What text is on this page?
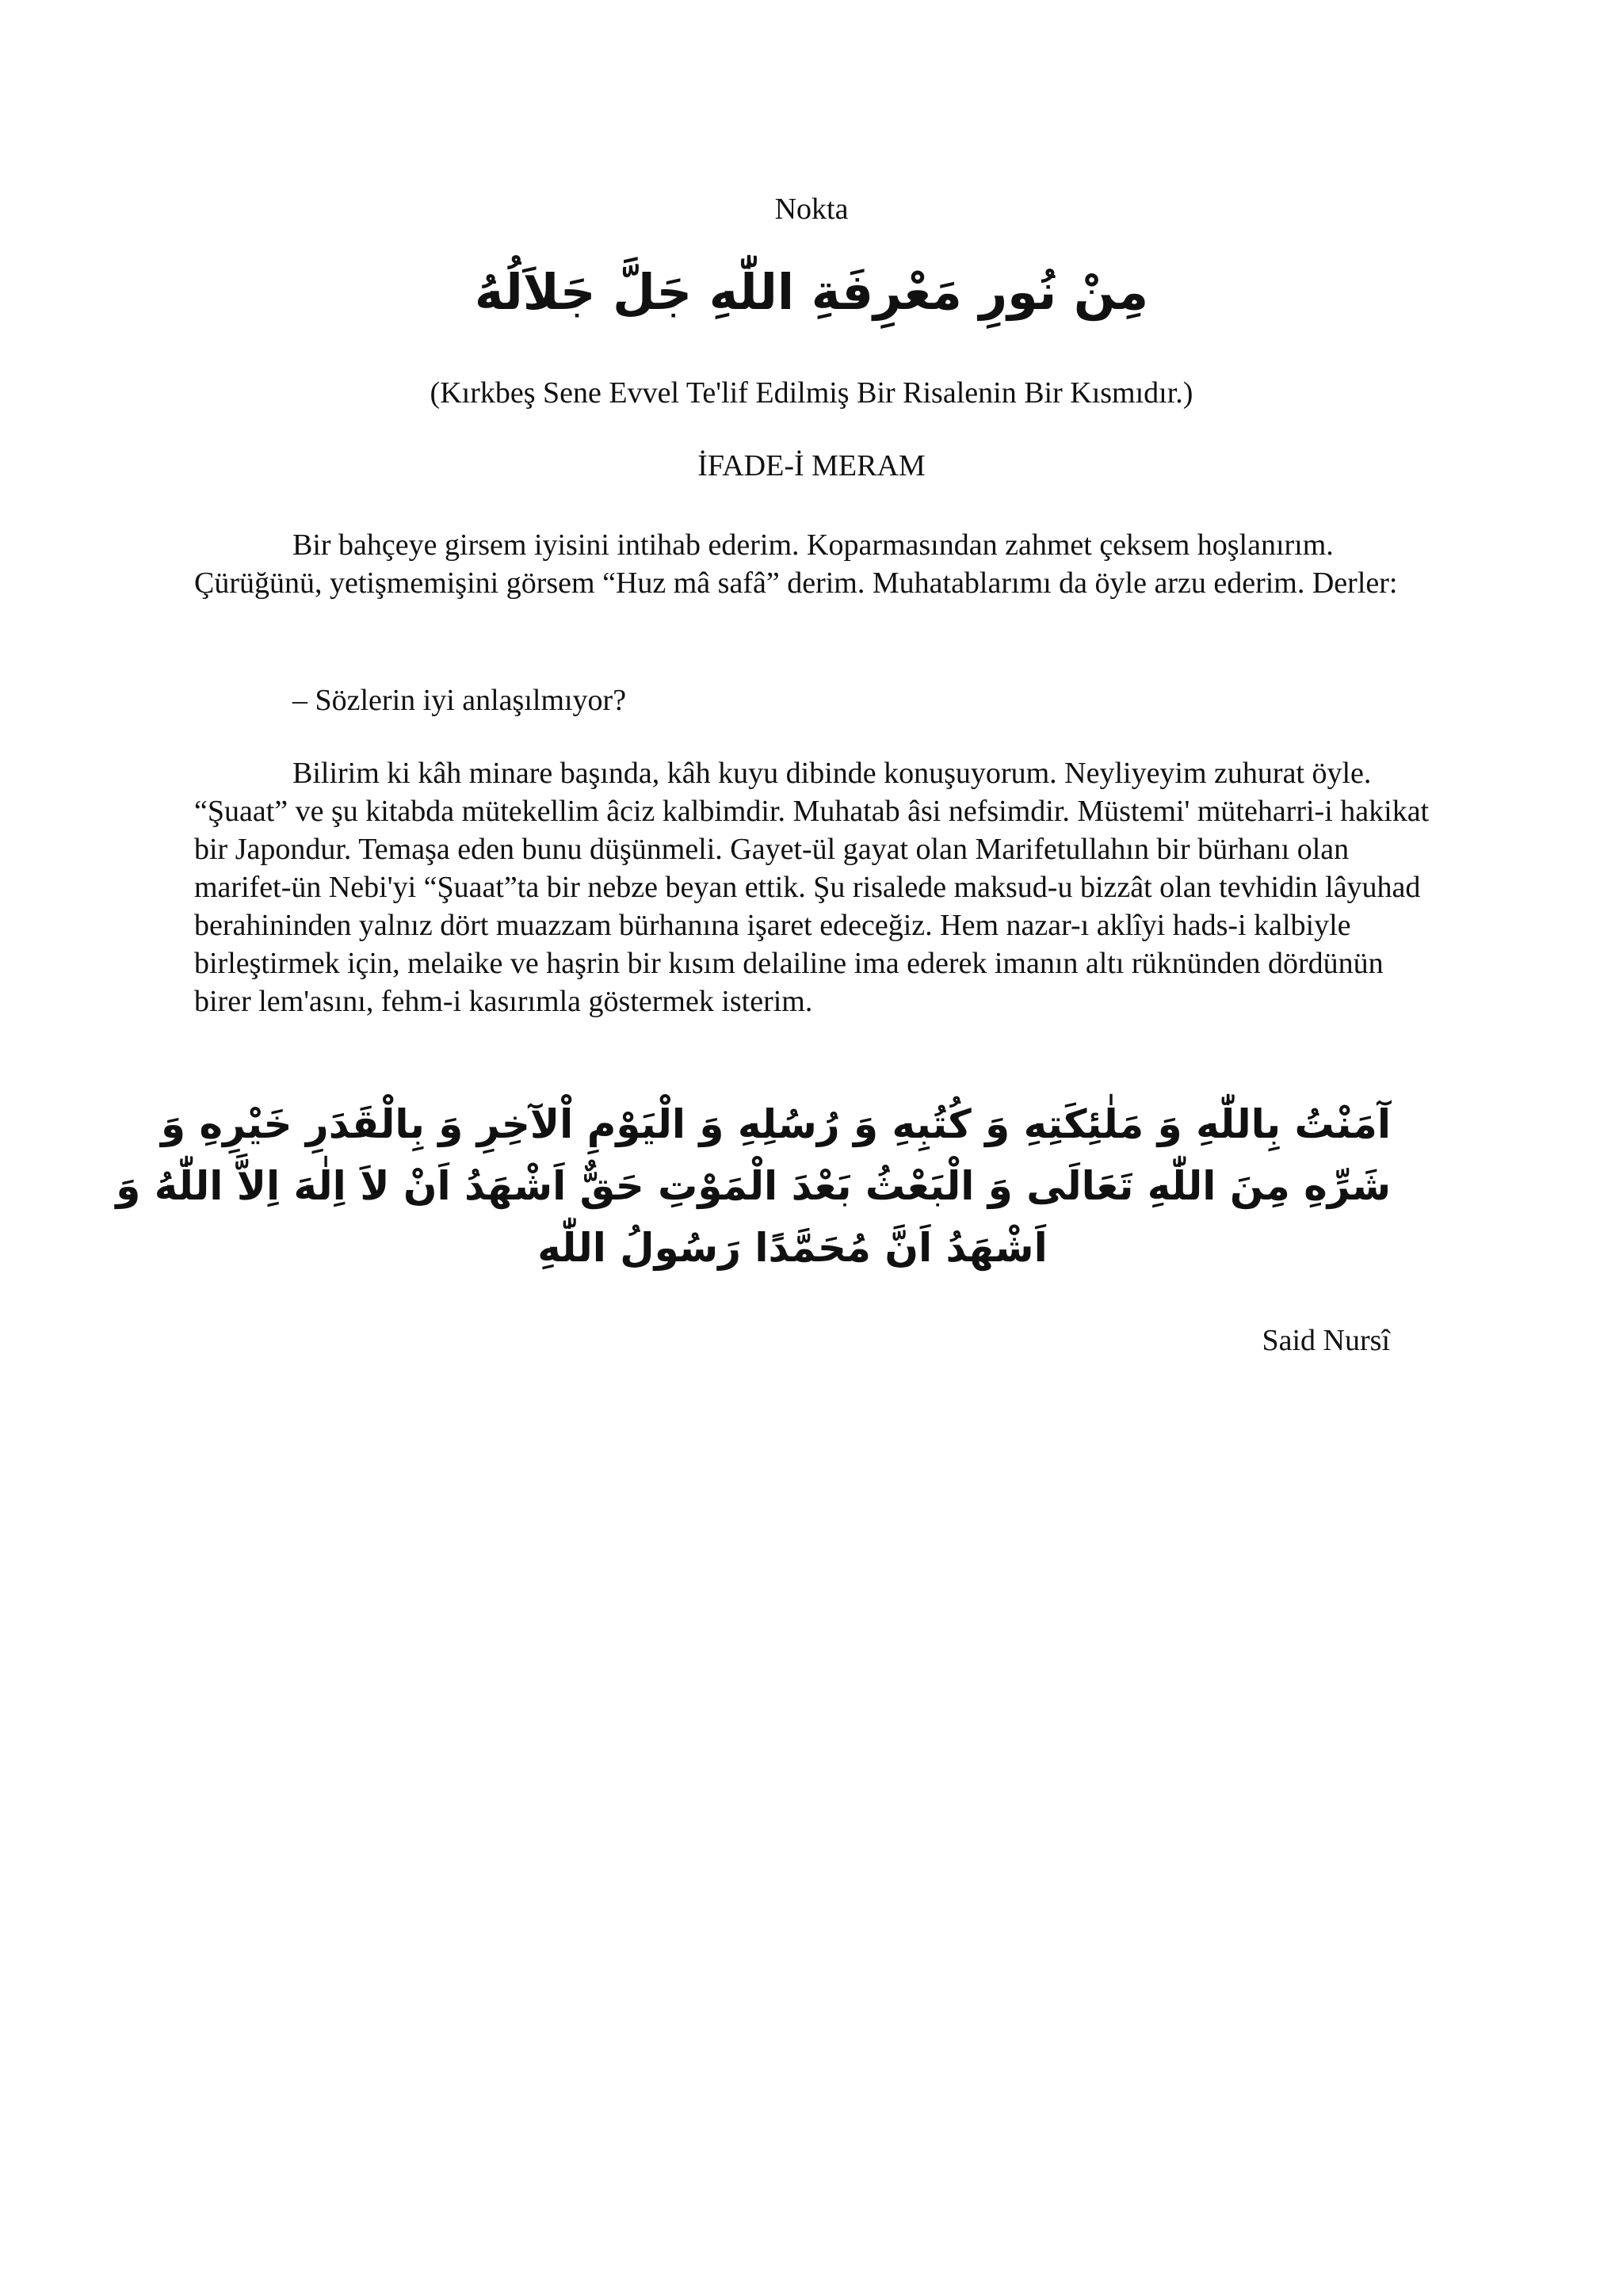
Nokta
مِنْ نُورِ مَعْرِفَةِ اللّٰهِ جَلَّ جَلاَلُهُ
(Kırkbeş Sene Evvel Te'lif Edilmiş Bir Risalenin Bir Kısmıdır.)
İFADE-İ MERAM

Bir bahçeye girsem iyisini intihab ederim. Koparmasından zahmet çeksem hoşlanırım. Çürüğünü, yetişmemişini görsem “Huz mâ safâ” derim. Muhatablarımı da öyle arzu ederim. Derler:

– Sözlerin iyi anlaşılmıyor?

Bilirim ki kâh minare başında, kâh kuyu dibinde konuşuyorum. Neyliyeyim zuhurat öyle. “Şuaat” ve şu kitabda mütekellim âciz kalbimdir. Muhatab âsi nefsimdir. Müstemi' müteharri-i hakikat bir Japondur. Temaşa eden bunu düşünmeli. Gayet-ül gayat olan Marifetullahın bir bürhanı olan marifet-ün Nebi'yi “Şuaat”ta bir nebze beyan ettik. Şu risalede maksud-u bizzât olan tevhidin lâyuhad berahininden yalnız dört muazzam bürhanına işaret edeceğiz. Hem nazar-ı aklîyi hads-i kalbiyle birleştirmek için, melaike ve haşrin bir kısım delailine ima ederek imanın altı rüknünden dördünün birer lem'asını, fehm-i kasırımla göstermek isterim.

آمَنْتُ بِاللّٰهِ وَ مَلٰئِكَتِهِ وَ كُتُبِهِ وَ رُسُلِهِ وَ الْيَوْمِ اْلآخِرِ وَ بِالْقَدَرِ خَيْرِهِ وَ
شَرِّهِ مِنَ اللّٰهِ تَعَالَى وَ الْبَعْثُ بَعْدَ الْمَوْتِ حَقٌّ اَشْهَدُ اَنْ لاَ اِلٰهَ اِلاَّ اللّٰهُ وَ
اَشْهَدُ اَنَّ مُحَمَّدًا رَسُولُ اللّٰهِ
Said Nursî
